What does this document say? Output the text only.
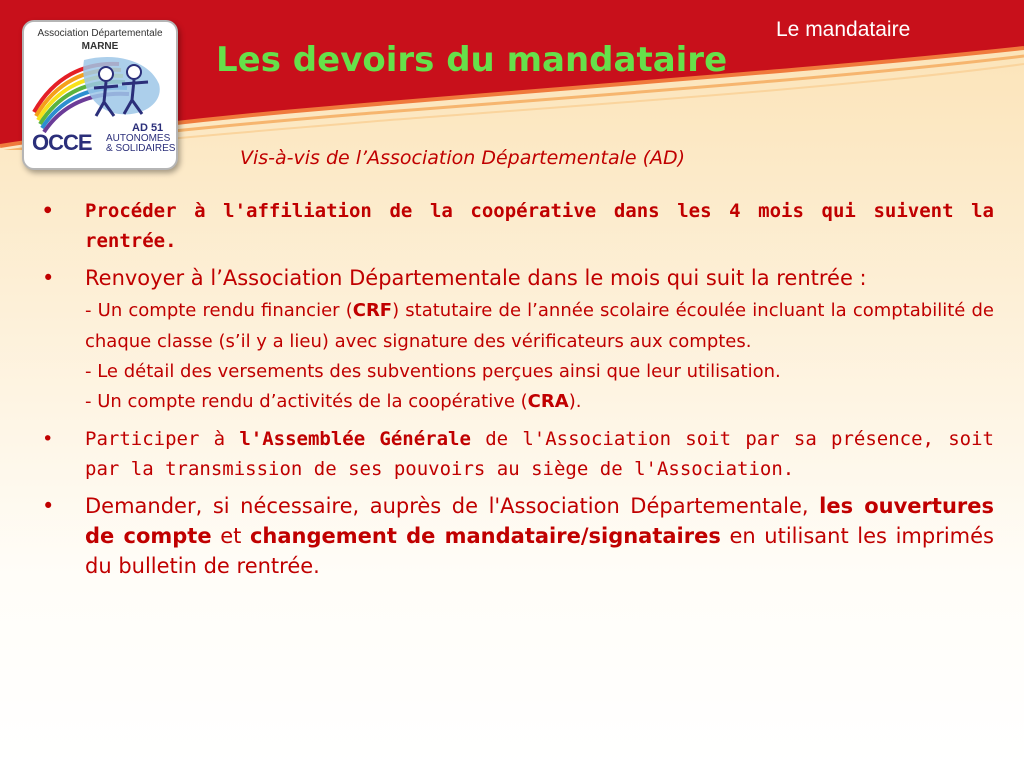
Association Départementale
MARNE
AD 51
OCCE AUTONOMES
& SOLIDAIRES
Le mandataire
Les devoirs du mandataire
Vis-à-vis de l’Association Départementale (AD)
• Procéder à l'affiliation de la coopérative dans les 4 mois qui suivent la rentrée.
• Renvoyer à l’Association Départementale dans le mois qui suit la rentrée :
- Un compte rendu financier (CRF) statutaire de l’année scolaire écoulée incluant la comptabilité de chaque classe (s’il y a lieu) avec signature des vérificateurs aux comptes.
- Le détail des versements des subventions perçues ainsi que leur utilisation.
- Un compte rendu d’activités de la coopérative (CRA).
• Participer à l'Assemblée Générale de l'Association soit par sa présence, soit par la transmission de ses pouvoirs au siège de l'Association.
• Demander, si nécessaire, auprès de l'Association Départementale, les ouvertures de compte et changement de mandataire/signataires en utilisant les imprimés du bulletin de rentrée.
